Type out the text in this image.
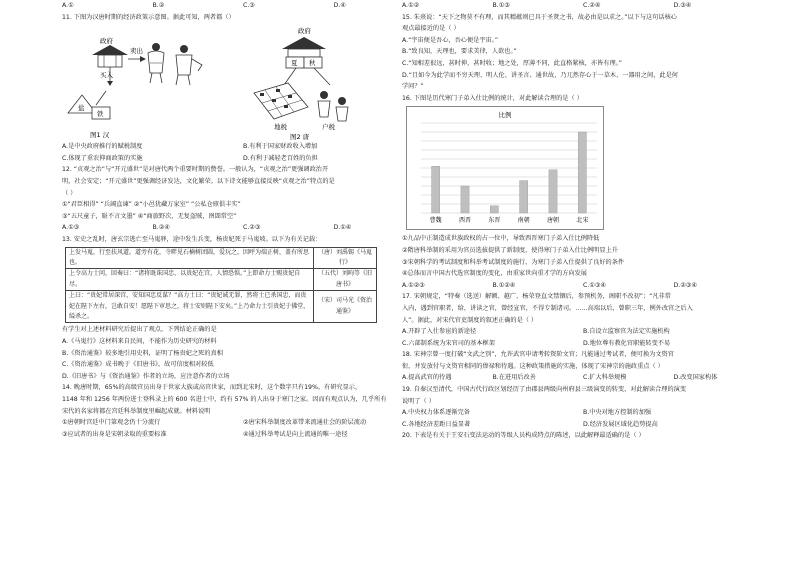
A.①	B.②	C.③	D.④
11. 下图为汉唐时期的经济政策示意图。据此可知，两者都（）
政府
卖出
买入
盐
铁
图1 汉
政府
夏 秋
地税	户税
图2 唐
A.是中央政府推行的赋税制度	B.有利于国家财政收入增加
C.体现了重农抑商政策的实施	D.有利于减轻老百姓的负担
12. “贞观之治”与“开元盛世”是对唐代两个重要时期的赞誉。一般认为，“贞观之治”更强调政治开
明，社会安定；“开元盛世”更强调经济发达，文化繁荣。以下诗文能够直接反映“贞观之治”特点的是
（ ）
①“君臣相得” “兵阔直谏” ②“小邑犹藏万家室” “公私仓廪俱丰实”
③“五尺童子，耻不言文墨” ④“商旅野次，无复盗贼，囹圄常空”
A.①③	B.②④	C.②③	D.①④
13. 安史之乱时，唐玄宗逃亡至马嵬驿，途中发生兵变，杨贵妃死于马嵬坡。以下为有关记载：
上发马嵬，行至扶风道。道旁有花，寺畔见石楠树团圆，爱玩之，因呼为端正树，盖有所思也。	（唐）刘禹锡《马嵬行》
上令高力士问，回奏曰：“诸将既诛国忠，以贵妃在宫，人情恐惧。”上即命力士赐贵妃自尽。	（五代）刘昫等《旧唐书》
上曰：“贵妃常居深宫，安知国忠反谋？”高力士曰：“贵妃诚无罪，然将士已杀国忠，而贵妃在陛下左右，岂敢自安！愿陛下审思之，将士安则陛下安矣。”上乃命力士引贵妃于佛堂，缢杀之。	（宋）司马光《资治通鉴》
有学生对上述材料研究后提出了观点，下列结论正确的是
A.《马嵬行》这材料来自民间，不能作为历史研究的材料
B.《资治通鉴》较多地引用史料，证明了杨贵妃之死的真相
C.《资治通鉴》成书晚于《旧唐书》，故可信度相对较低
D.《旧唐书》与《资治通鉴》作者的立场，应注意作者的立场
14. 晚唐时期，65%的高级官员出身于世家大族或高官世家，而到北宋时，这个数字只有19%。有研究显示，
1148 年和 1256 年两份进士登科录上的 600 名进士中，约有 57% 的人出身于寒门之家。因而有观点认为，几乎所有
宋代的名家将都在宫廷科举制度里崛起成就。材料说明
①唐朝时宫廷中门第观念仍十分流行	②唐宋科举制度改革带来流通社会的阶层流动
③应试者的出身是宋朝录取的重要标准	④通过科举考试是向上流通的唯一途径
A.①②	B.①③	C.②④	D.③④
15. 朱熹说：“天下之物莫不有理，而其精蕴则已具于圣贤之书，故必由是以求之。”以下与这句话核心
观点最接近的是（ ）
A.“宇宙便是吾心，吾心便是宇宙。”
B.“致良知，天理也，要求美律，人欲也。”
C.“知相差很远，甚时伸，甚时收；地之处，厚薄不同，此直格紧核，亦皆有理。”
D.“且如今为此学而不穷天理、明人伦、讲圣言、通世故，乃兀然存心于一草木、一器用之间，此是何
学问？”
16. 下图是历代寒门子弟入仕比例的统计，对此解读合理的是（ ）
比例
曹魏	西晋	东晋	南朝	唐朝	北宋
①九品中正制造成世族政权的占一位中，导致西晋寒门子弟入仕比例降低
②隋唐科举制的采用为官员选拔提供了新制度，使得寒门子弟入仕比例明显上升
③宋朝科学的考试制度和科举考试制度的施行，为寒门子弟入仕提供了良好的条件
④总体而言中国古代选官制度的变化，由重家世向重才学的方向发展
A.①②③	B.①②④	C.①③④	D.②③④
17. 宋朝规定，“特奏（选送）解额、越广、杨荣登直文禁锢后，参预机务，阁职不改初”；“凡非常
入内，遇到官职者，给，讲读之官，曾经宣官，不得专制诸司。……高端以后，曾职三年，例外改官之后入
人”。据此，对宋代官吏制度的叙述正确的是（ ）
A.开辟了入仕参宦的新途径	B.自设立监察官为法定实施机构
C.六部制系统为宋官司的基本框架	D.地位尊有教化官职能转变不易
18. 宋神宗曾一度打破“文武之别”，允许武官申请考转资阶文官；凡能通过考试者，便可换为文资官
衔，并发放付与文资官相同的俸禄和待遇。这种政策措施的实施，体现了宋神宗的施政重点（ ）
A.提高武官的待遇	B.在进用后改善	C.扩大科举规模	D.改变国家构体
19. 自秦汉至清代，中国古代行政区划经历了由郡县两级向州府县三级演变的转变，对此解读合理的演变
说明了（ ）
A.中央权力体系逐渐完备	B.中央对地方控制的加强
C.各地经济差距日益显著	D.经济发展区域化趋势提高
20. 下表是有关于王安石变法运动的等级人员构成特点的陈述，以此解释最适确的是（ ）
